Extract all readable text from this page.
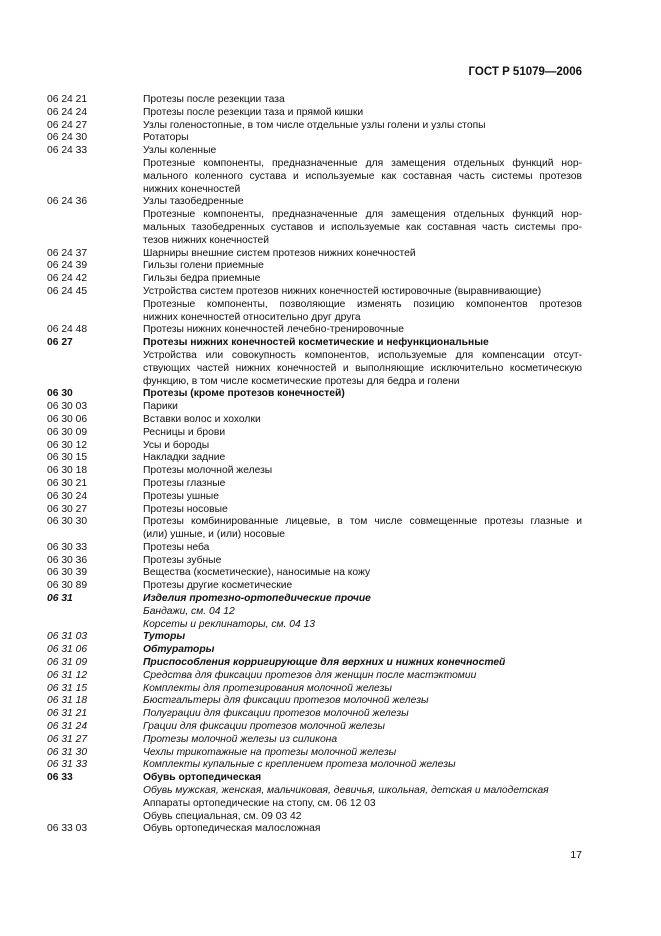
ГОСТ Р 51079—2006
06 24 21	Протезы после резекции таза
06 24 24	Протезы после резекции таза и прямой кишки
06 24 27	Узлы голеностопные, в том числе отдельные узлы голени и узлы стопы
06 24 30	Ротаторы
06 24 33	Узлы коленные
Протезные компоненты, предназначенные для замещения отдельных функций нор-
мального коленного сустава и используемые как составная часть системы протезов
нижних конечностей
06 24 36	Узлы тазобедренные
Протезные компоненты, предназначенные для замещения отдельных функций нор-
мальных тазобедренных суставов и используемые как составная часть системы про-
тезов нижних конечностей
06 24 37	Шарниры внешние систем протезов нижних конечностей
06 24 39	Гильзы голени приемные
06 24 42	Гильзы бедра приемные
06 24 45	Устройства систем протезов нижних конечностей юстировочные (выравнивающие)
Протезные компоненты, позволяющие изменять позицию компонентов протезов
нижних конечностей относительно друг друга
06 24 48	Протезы нижних конечностей лечебно-тренировочные
06 27	Протезы нижних конечностей косметические и нефункциональные
Устройства или совокупность компонентов, используемые для компенсации отсут-
ствующих частей нижних конечностей и выполняющие исключительно косметическую
функцию, в том числе косметические протезы для бедра и голени
06 30	Протезы (кроме протезов конечностей)
06 30 03	Парики
06 30 06	Вставки волос и хохолки
06 30 09	Ресницы и брови
06 30 12	Усы и бороды
06 30 15	Накладки задние
06 30 18	Протезы молочной железы
06 30 21	Протезы глазные
06 30 24	Протезы ушные
06 30 27	Протезы носовые
06 30 30	Протезы комбинированные лицевые, в том числе совмещенные протезы глазные и
(или) ушные, и (или) носовые
06 30 33	Протезы неба
06 30 36	Протезы зубные
06 30 39	Вещества (косметические), наносимые на кожу
06 30 89	Протезы другие косметические
06 31	Изделия протезно-ортопедические прочие
Бандажи, см. 04 12
Корсеты и реклинаторы, см. 04 13
06 31 03	Туторы
06 31 06	Обтураторы
06 31 09	Приспособления корригирующие для верхних и нижних конечностей
06 31 12	Средства для фиксации протезов для женщин после мастэктомии
06 31 15	Комплекты для протезирования молочной железы
06 31 18	Бюстгальтеры для фиксации протезов молочной железы
06 31 21	Полуграции для фиксации протезов молочной железы
06 31 24	Грации для фиксации протезов молочной железы
06 31 27	Протезы молочной железы из силикона
06 31 30	Чехлы трикотажные на протезы молочной железы
06 31 33	Комплекты купальные с креплением протеза молочной железы
06 33	Обувь ортопедическая
Обувь мужская, женская, мальчиковая, девичья, школьная, детская и малодетская
Аппараты ортопедические на стопу, см. 06 12 03
Обувь специальная, см. 09 03 42
06 33 03	Обувь ортопедическая малосложная
17
